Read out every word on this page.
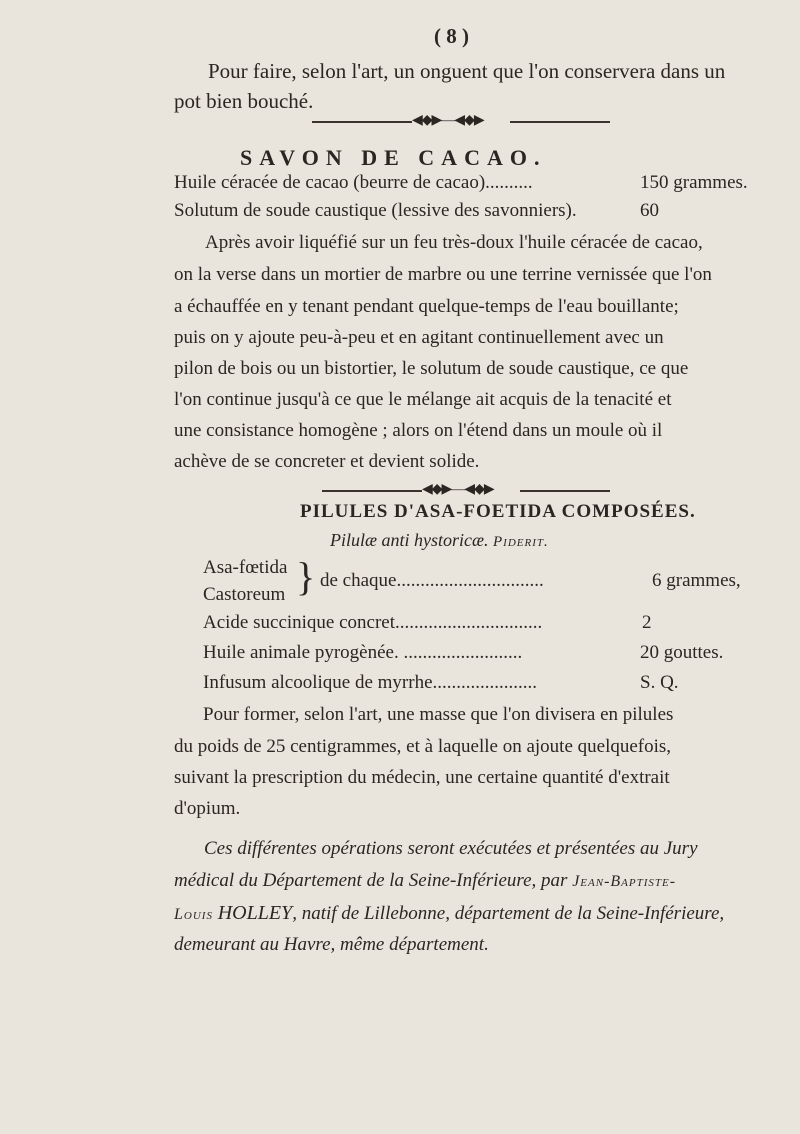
( 8 )
Pour faire, selon l'art, un onguent que l'on conservera dans un
pot bien bouché.
◀◆▶—◀◆▶
SAVON DE CACAO.
Huile céracée de cacao (beurre de cacao)..........	150 grammes.
Solutum de soude caustique (lessive des savonniers).	60
Après avoir liquéfié sur un feu très-doux l'huile céracée de cacao,
on la verse dans un mortier de marbre ou une terrine vernissée que l'on
a échauffée en y tenant pendant quelque-temps de l'eau bouillante;
puis on y ajoute peu-à-peu et en agitant continuellement avec un
pilon de bois ou un bistortier, le solutum de soude caustique, ce que
l'on continue jusqu'à ce que le mélange ait acquis de la tenacité et
une consistance homogène ; alors on l'étend dans un moule où il
achève de se concreter et devient solide.
◀◆▶—◀◆▶
PILULES D'ASA-FOETIDA COMPOSÉES.
Pilulæ anti hystoricæ. Piderit.
Asa-fœtida
Castoreum } de chaque...............................	6 grammes,
Acide succinique concret...............................	2
Huile animale pyrogènée. .........................	20 gouttes.
Infusum alcoolique de myrrhe......................	S. Q.
Pour former, selon l'art, une masse que l'on divisera en pilules
du poids de 25 centigrammes, et à laquelle on ajoute quelquefois,
suivant la prescription du médecin, une certaine quantité d'extrait
d'opium.
Ces différentes opérations seront exécutées et présentées au Jury
médical du Département de la Seine-Inférieure, par Jean-Baptiste-
Louis HOLLEY, natif de Lillebonne, département de la Seine-Inférieure,
demeurant au Havre, même département.
